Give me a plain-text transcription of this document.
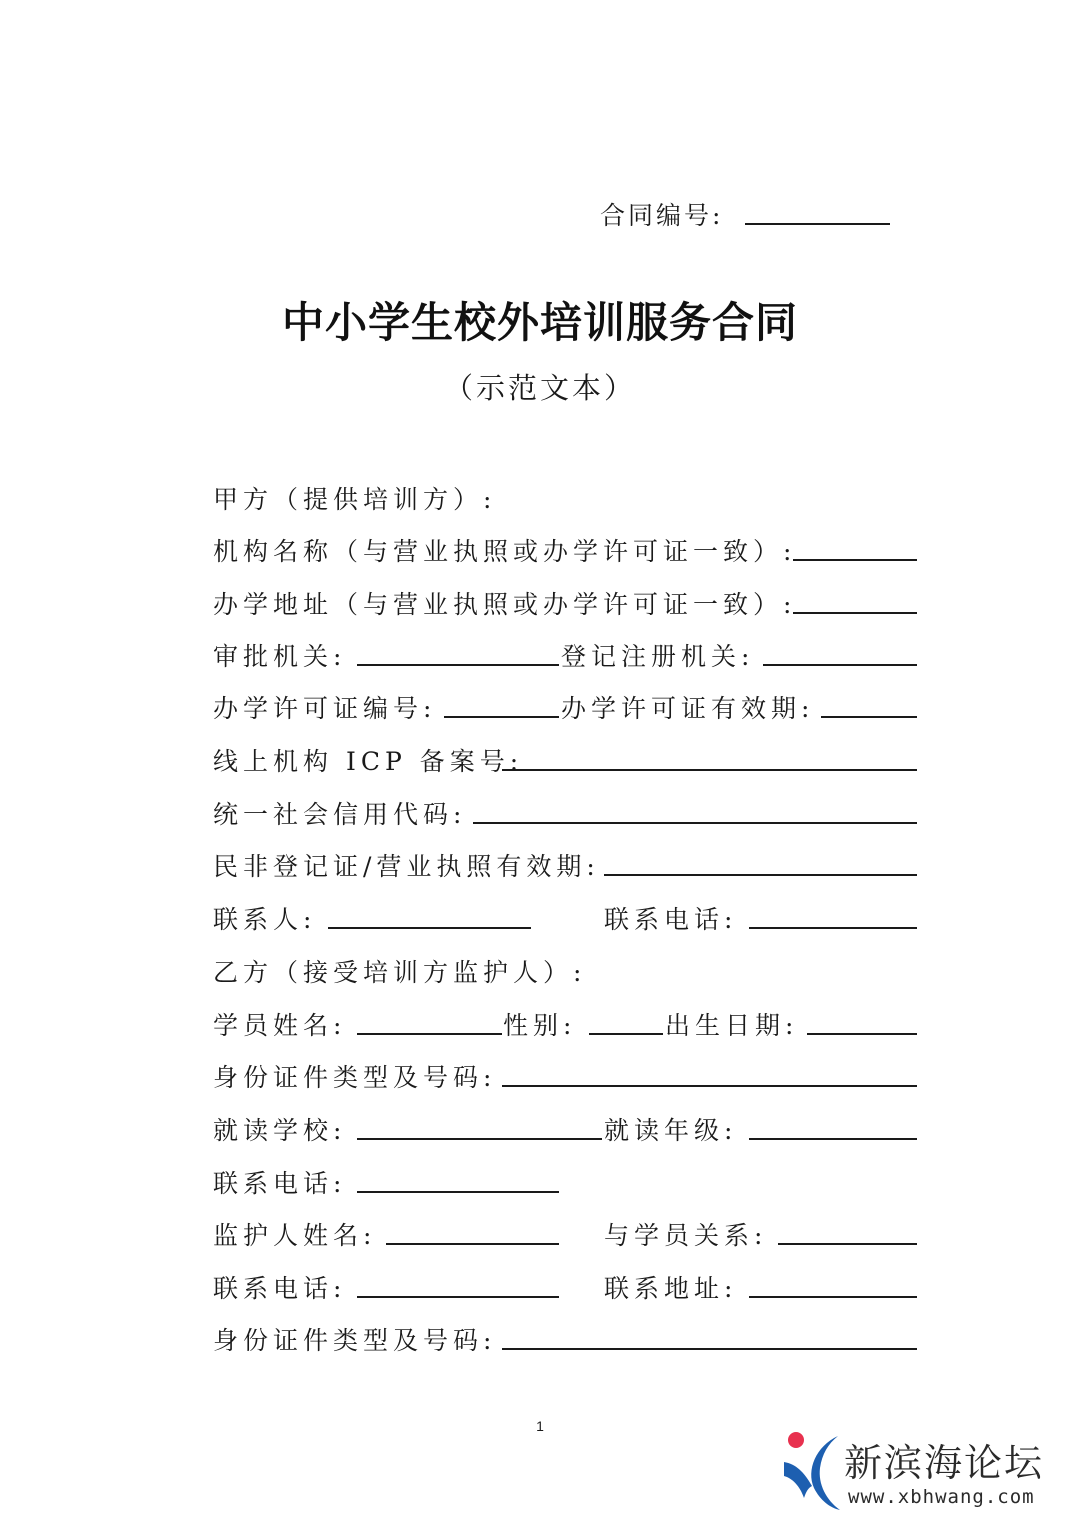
合同编号:
中小学生校外培训服务合同
（示范文本）
甲方（提供培训方）:
机构名称（与营业执照或办学许可证一致）:
办学地址（与营业执照或办学许可证一致）:
审批机关:	登记注册机关:
办学许可证编号:	办学许可证有效期:
线上机构 ICP 备案号:
统一社会信用代码:
民非登记证/营业执照有效期:
联系人:	联系电话:
乙方（接受培训方监护人）:
学员姓名:	性别:	出生日期:
身份证件类型及号码:
就读学校:	就读年级:
联系电话:
监护人姓名:	与学员关系:
联系电话:	联系地址:
身份证件类型及号码:
1
新滨海论坛
www.xbhwang.com
